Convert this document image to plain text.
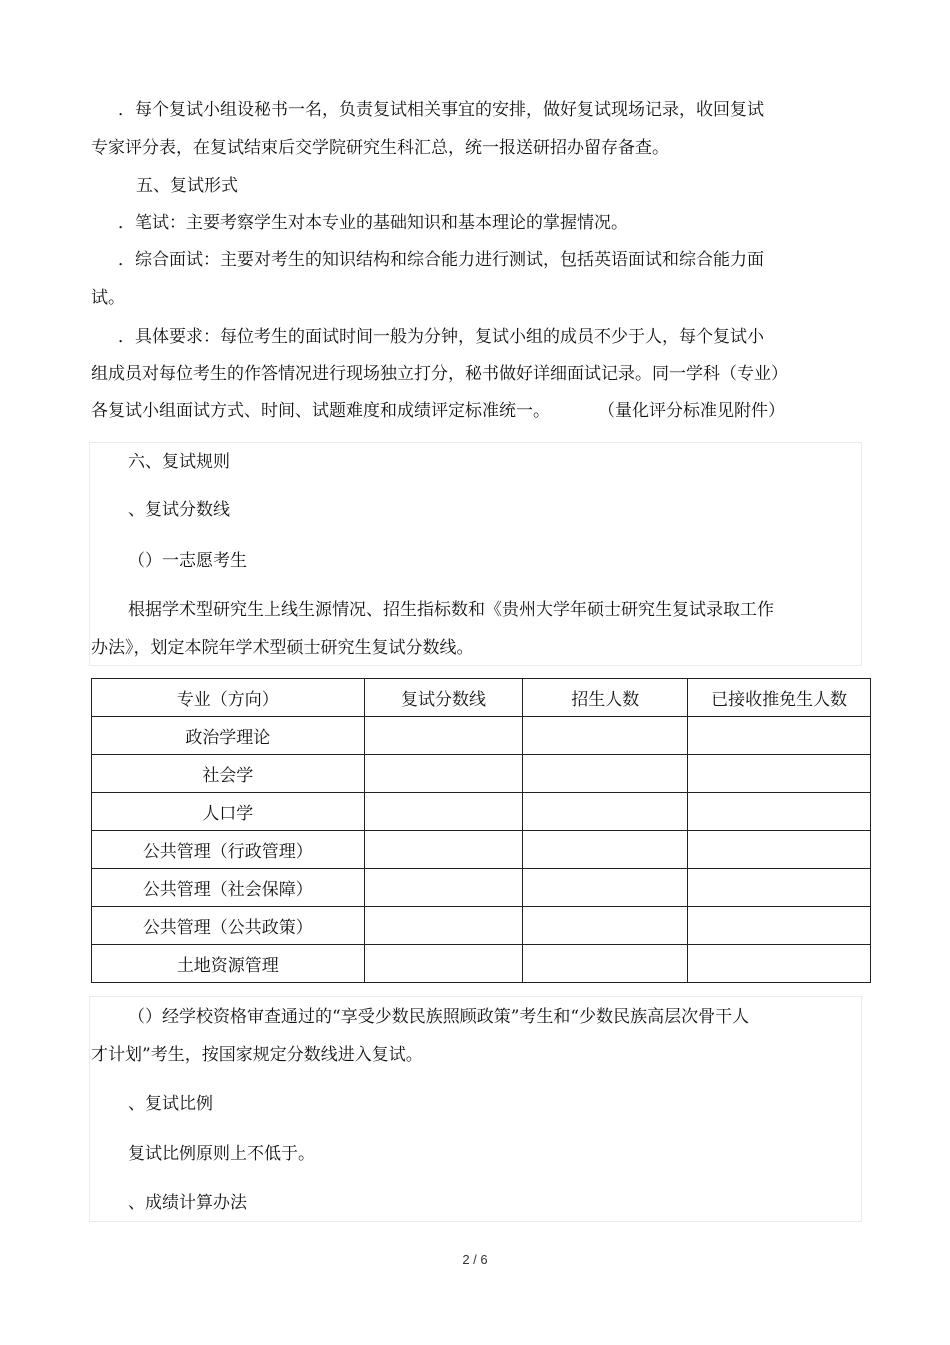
．每个复试小组设秘书一名，负责复试相关事宜的安排，做好复试现场记录，收回复试
专家评分表，在复试结束后交学院研究生科汇总，统一报送研招办留存备查。
五、复试形式
．笔试：主要考察学生对本专业的基础知识和基本理论的掌握情况。
．综合面试：主要对考生的知识结构和综合能力进行测试，包括英语面试和综合能力面
试。
．具体要求：每位考生的面试时间一般为分钟，复试小组的成员不少于人，每个复试小
组成员对每位考生的作答情况进行现场独立打分，秘书做好详细面试记录。同一学科（专业）
各复试小组面试方式、时间、试题难度和成绩评定标准统一。	（量化评分标准见附件）
六、复试规则
、复试分数线
（）一志愿考生
根据学术型研究生上线生源情况、招生指标数和《贵州大学年硕士研究生复试录取工作
办法》，划定本院年学术型硕士研究生复试分数线。
专业（方向）	复试分数线	招生人数	已接收推免生人数
政治学理论			
社会学			
人口学			
公共管理（行政管理）			
公共管理（社会保障）			
公共管理（公共政策）			
土地资源管理			
（）经学校资格审查通过的“享受少数民族照顾政策”考生和“少数民族高层次骨干人
才计划”考生，按国家规定分数线进入复试。
、复试比例
复试比例原则上不低于。
、成绩计算办法
2 / 6
